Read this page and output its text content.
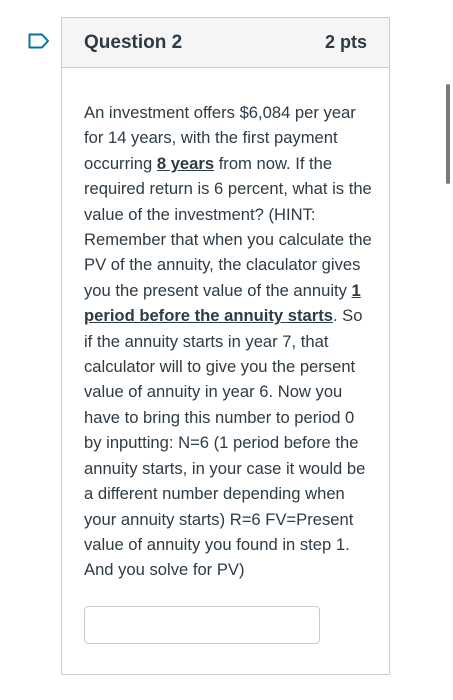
Question 2	2 pts
An investment offers $6,084 per year for 14 years, with the first payment occurring 8 years from now. If the required return is 6 percent, what is the value of the investment? (HINT: Remember that when you calculate the PV of the annuity, the claculator gives you the present value of the annuity 1 period before the annuity starts. So if the annuity starts in year 7, that calculator will to give you the persent value of annuity in year 6. Now you have to bring this number to period 0 by inputting: N=6 (1 period before the annuity starts, in your case it would be a different number depending when your annuity starts) R=6 FV=Present value of annuity you found in step 1. And you solve for PV)
